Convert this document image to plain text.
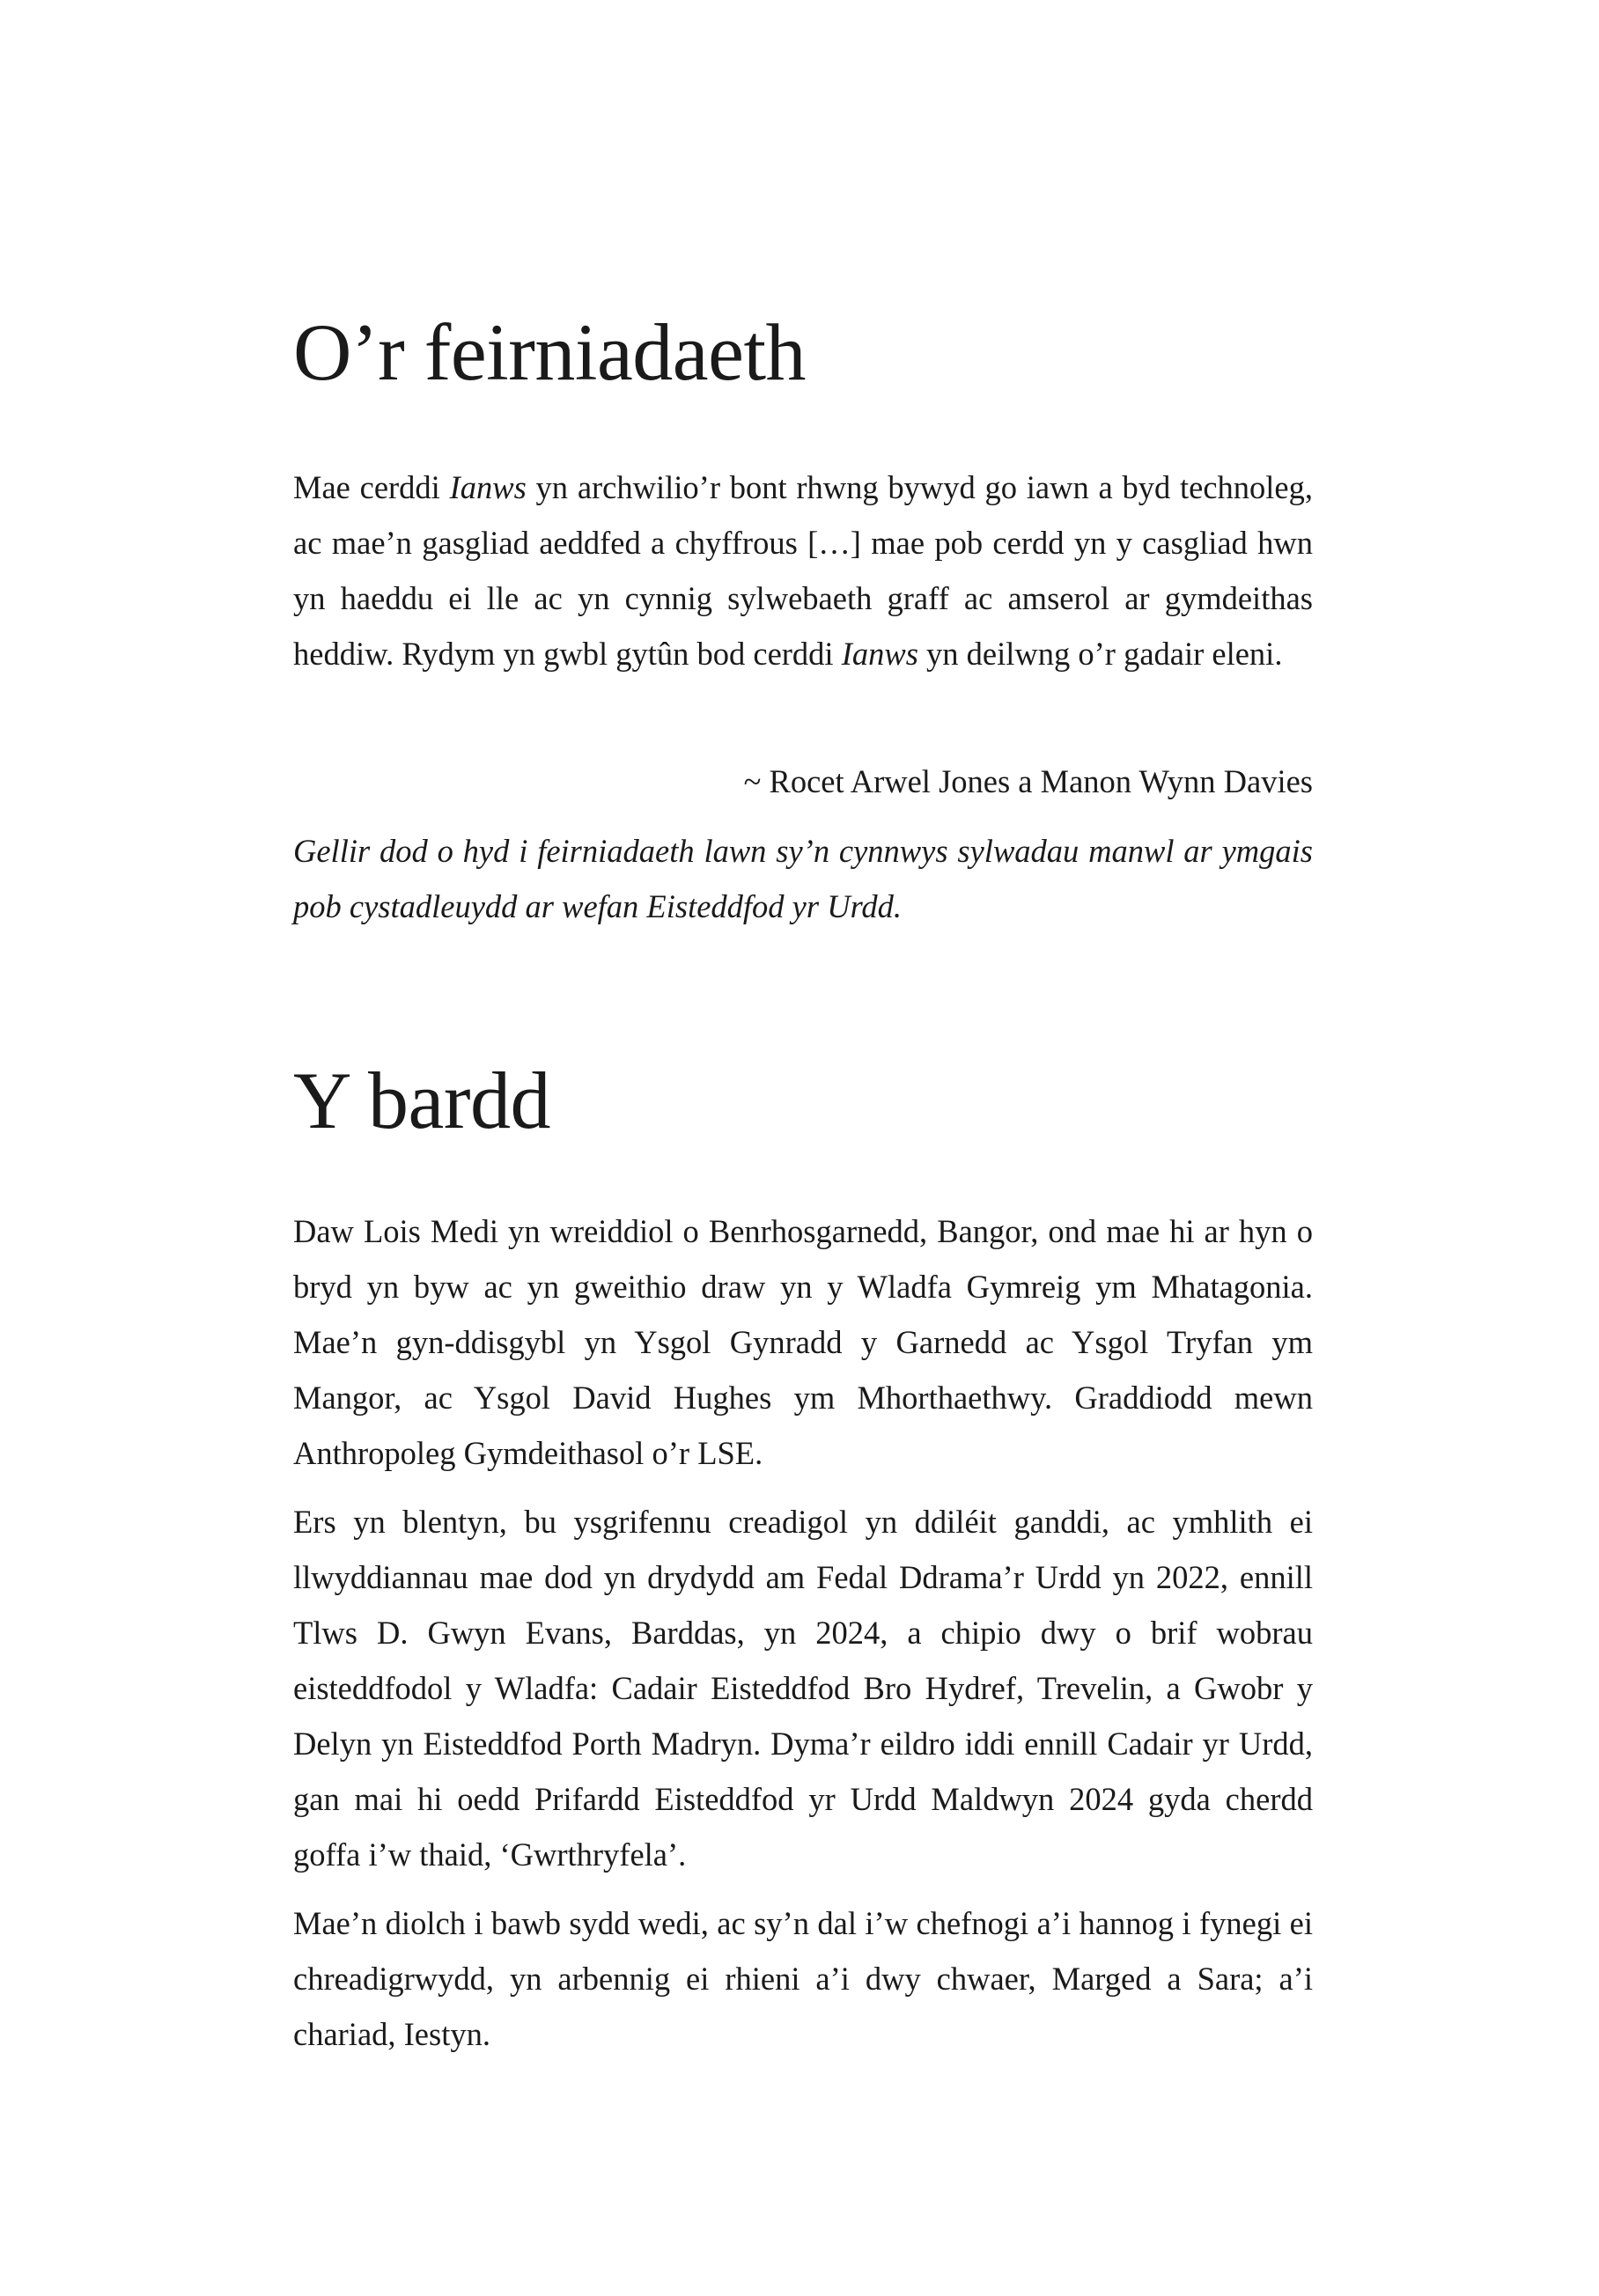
O’r feirniadaeth

Mae cerddi Ianws yn archwilio’r bont rhwng bywyd go iawn a byd technoleg, ac mae’n gasgliad aeddfed a chyffrous […] mae pob cerdd yn y casgliad hwn yn haeddu ei lle ac yn cynnig sylwebaeth graff ac amserol ar gymdeithas heddiw. Rydym yn gwbl gytûn bod cerddi Ianws yn deilwng o’r gadair eleni.

~ Rocet Arwel Jones a Manon Wynn Davies

Gellir dod o hyd i feirniadaeth lawn sy’n cynnwys sylwadau manwl ar ymgais pob cystadleuydd ar wefan Eisteddfod yr Urdd.

Y bardd

Daw Lois Medi yn wreiddiol o Benrhosgarnedd, Bangor, ond mae hi ar hyn o bryd yn byw ac yn gweithio draw yn y Wladfa Gymreig ym Mhatagonia. Mae’n gyn-ddisgybl yn Ysgol Gynradd y Garnedd ac Ysgol Tryfan ym Mangor, ac Ysgol David Hughes ym Mhorthaethwy. Graddiodd mewn Anthropoleg Gymdeithasol o’r LSE.

Ers yn blentyn, bu ysgrifennu creadigol yn ddiléit ganddi, ac ymhlith ei llwyddiannau mae dod yn drydydd am Fedal Ddrama’r Urdd yn 2022, ennill Tlws D. Gwyn Evans, Barddas, yn 2024, a chipio dwy o brif wobrau eisteddfodol y Wladfa: Cadair Eisteddfod Bro Hydref, Trevelin, a Gwobr y Delyn yn Eisteddfod Porth Madryn. Dyma’r eildro iddi ennill Cadair yr Urdd, gan mai hi oedd Prifardd Eisteddfod yr Urdd Maldwyn 2024 gyda cherdd goffa i’w thaid, ‘Gwrthryfela’.

Mae’n diolch i bawb sydd wedi, ac sy’n dal i’w chefnogi a’i hannog i fynegi ei chreadigrwydd, yn arbennig ei rhieni a’i dwy chwaer, Marged a Sara; a’i chariad, Iestyn.
